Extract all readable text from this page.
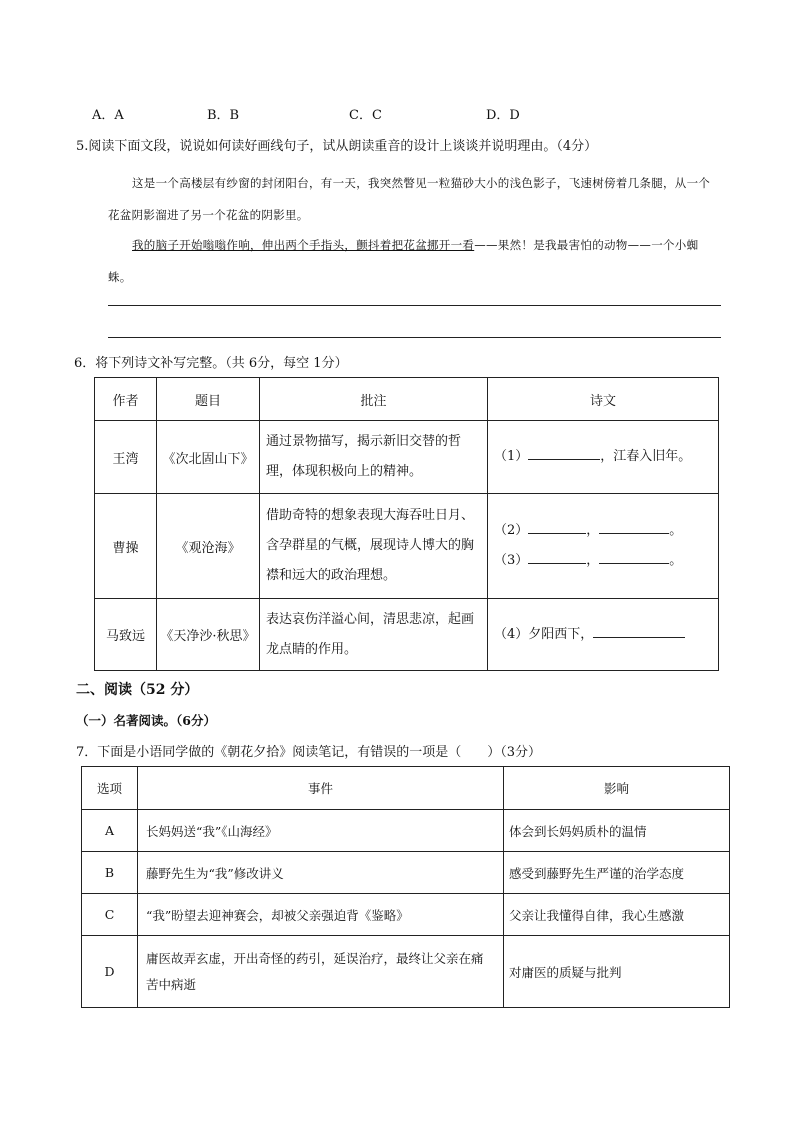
A．A	B．B	C．C	D．D
5.阅读下面文段，说说如何读好画线句子，试从朗读重音的设计上谈谈并说明理由。（4分）
这是一个高楼层有纱窗的封闭阳台，有一天，我突然瞥见一粒猫砂大小的浅色影子，飞速树傍着几条腿，从一个花盆阴影溜进了另一个花盆的阴影里。
我的脑子开始嗡嗡作响，伸出两个手指头，颤抖着把花盆挪开一看——果然！是我最害怕的动物——一个小蜘蛛。
6．将下列诗文补写完整。（共 6分，每空 1分）
作者	题目	批注	诗文
王湾	《次北固山下》	通过景物描写，揭示新旧交替的哲理，体现积极向上的精神。	（1） ，江春入旧年。
曹操	《观沧海》	借助奇特的想象表现大海吞吐日月、含孕群星的气概，展现诗人博大的胸襟和远大的政治理想。	（2） ， 。
（3） ， 。

马致远	《天净沙·秋思》	表达哀伤洋溢心间，清思悲凉，起画龙点睛的作用。	（4）夕阳西下，
二、阅读（52 分）
（一）名著阅读。（6分）
7．下面是小语同学做的《朝花夕拾》阅读笔记，有错误的一项是（　　）（3分）
选项	事件	影响
A	长妈妈送“我”《山海经》	体会到长妈妈质朴的温情
B	藤野先生为“我”修改讲义	感受到藤野先生严谨的治学态度
C	“我”盼望去迎神赛会，却被父亲强迫背《鉴略》	父亲让我懂得自律，我心生感激
D	庸医故弄玄虚，开出奇怪的药引，延误治疗，最终让父亲在痛苦中病逝	对庸医的质疑与批判
